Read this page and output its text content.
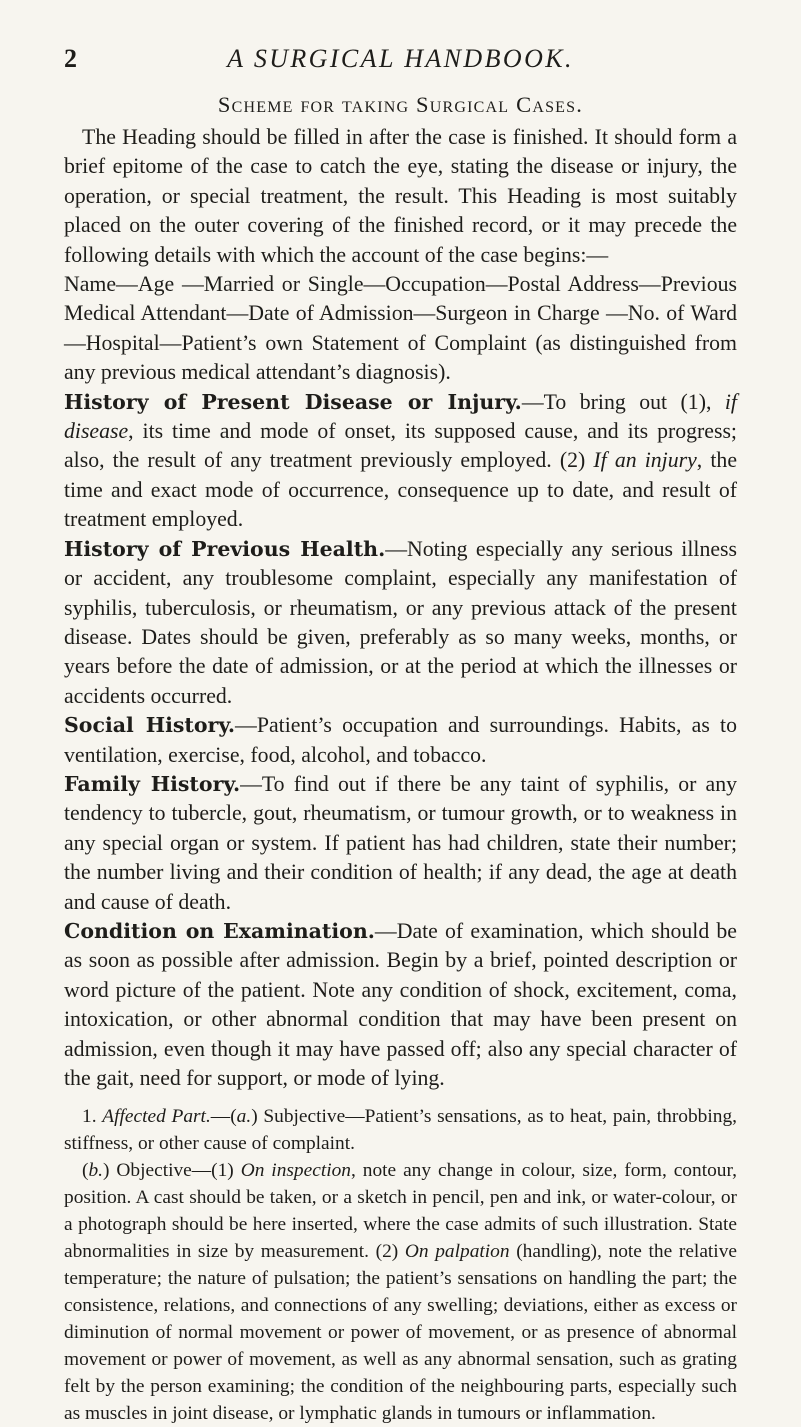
2	A SURGICAL HANDBOOK.
Scheme for taking Surgical Cases.

The Heading should be filled in after the case is finished. It should form a brief epitome of the case to catch the eye, stating the disease or injury, the operation, or special treatment, the result. This Heading is most suitably placed on the outer covering of the finished record, or it may precede the following details with which the account of the case begins:—

Name—Age —Married or Single—Occupation—Postal Address—Previous Medical Attendant—Date of Admission—Surgeon in Charge —No. of Ward—Hospital—Patient’s own Statement of Complaint (as distinguished from any previous medical attendant’s diagnosis).

History of Present Disease or Injury.—To bring out (1), if disease, its time and mode of onset, its supposed cause, and its progress; also, the result of any treatment previously employed. (2) If an injury, the time and exact mode of occurrence, consequence up to date, and result of treatment employed.

History of Previous Health.—Noting especially any serious illness or accident, any troublesome complaint, especially any manifestation of syphilis, tuberculosis, or rheumatism, or any previous attack of the present disease. Dates should be given, preferably as so many weeks, months, or years before the date of admission, or at the period at which the illnesses or accidents occurred.

Social History.—Patient’s occupation and surroundings. Habits, as to ventilation, exercise, food, alcohol, and tobacco.

Family History.—To find out if there be any taint of syphilis, or any tendency to tubercle, gout, rheumatism, or tumour growth, or to weakness in any special organ or system. If patient has had children, state their number; the number living and their condition of health; if any dead, the age at death and cause of death.

Condition on Examination.—Date of examination, which should be as soon as possible after admission. Begin by a brief, pointed description or word picture of the patient. Note any condition of shock, excitement, coma, intoxication, or other abnormal condition that may have been present on admission, even though it may have passed off; also any special character of the gait, need for support, or mode of lying.

1. Affected Part.—(a.) Subjective—Patient’s sensations, as to heat, pain, throbbing, stiffness, or other cause of complaint.

(b.) Objective—(1) On inspection, note any change in colour, size, form, contour, position. A cast should be taken, or a sketch in pencil, pen and ink, or water-colour, or a photograph should be here inserted, where the case admits of such illustration. State abnormalities in size by measurement. (2) On palpation (handling), note the relative temperature; the nature of pulsation; the patient’s sensations on handling the part; the consistence, relations, and connections of any swelling; deviations, either as excess or diminution of normal movement or power of movement, or as presence of abnormal movement or power of movement, as well as any abnormal sensation, such as grating felt by the person examining; the condition of the neighbouring parts, especially such as muscles in joint disease, or lymphatic glands in tumours or inflammation.
